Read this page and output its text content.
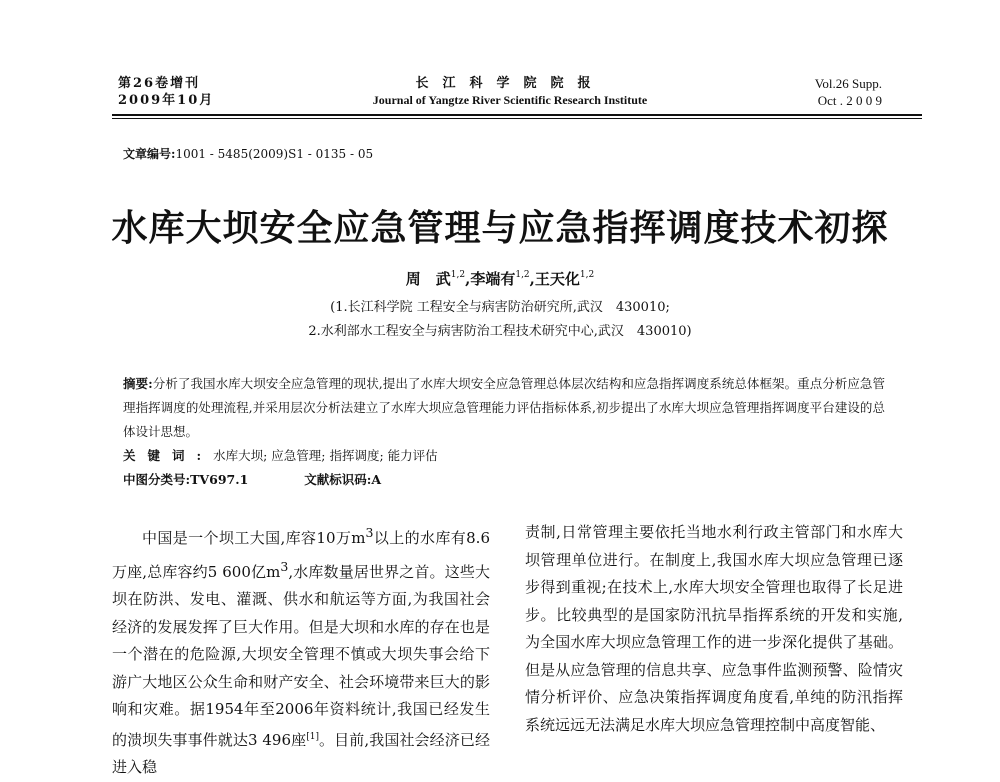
第26卷增刊
2009年10月
长江科学院院报
Journal of Yangtze River Scientific Research Institute
Vol.26 Supp.
Oct . 2 0 0 9
文章编号:1001 - 5485(2009)S1 - 0135 - 05
水库大坝安全应急管理与应急指挥调度技术初探
周　武$^{1,2}$,李端有$^{1,2}$,王天化$^{1,2}$
(1.长江科学院 工程安全与病害防治研究所,武汉　430010;
2.水利部水工程安全与病害防治工程技术研究中心,武汉　430010)
摘要:分析了我国水库大坝安全应急管理的现状,提出了水库大坝安全应急管理总体层次结构和应急指挥调度系统总体框架。重点分析应急管理指挥调度的处理流程,并采用层次分析法建立了水库大坝应急管理能力评估指标体系,初步提出了水库大坝应急管理指挥调度平台建设的总体设计思想。
关键词:水库大坝; 应急管理; 指挥调度; 能力评估
中图分类号:TV697.1	文献标识码:A

中国是一个坝工大国,库容10万$m^3$以上的水库有8.6万座,总库容约5 600亿$m^3$,水库数量居世界之首。这些大坝在防洪、发电、灌溉、供水和航运等方面,为我国社会经济的发展发挥了巨大作用。但是大坝和水库的存在也是一个潜在的危险源,大坝安全管理不慎或大坝失事会给下游广大地区公众生命和财产安全、社会环境带来巨大的影响和灾难。据1954年至2006年资料统计,我国已经发生的溃坝失事事件就达3 496座[1]。目前,我国社会经济已经进入稳

责制,日常管理主要依托当地水利行政主管部门和水库大坝管理单位进行。在制度上,我国水库大坝应急管理已逐步得到重视;在技术上,水库大坝安全管理也取得了长足进步。比较典型的是国家防汛抗旱指挥系统的开发和实施,为全国水库大坝应急管理工作的进一步深化提供了基础。但是从应急管理的信息共享、应急事件监测预警、险情灾情分析评价、应急决策指挥调度角度看,单纯的防汛指挥系统远远无法满足水库大坝应急管理控制中高度智能、
